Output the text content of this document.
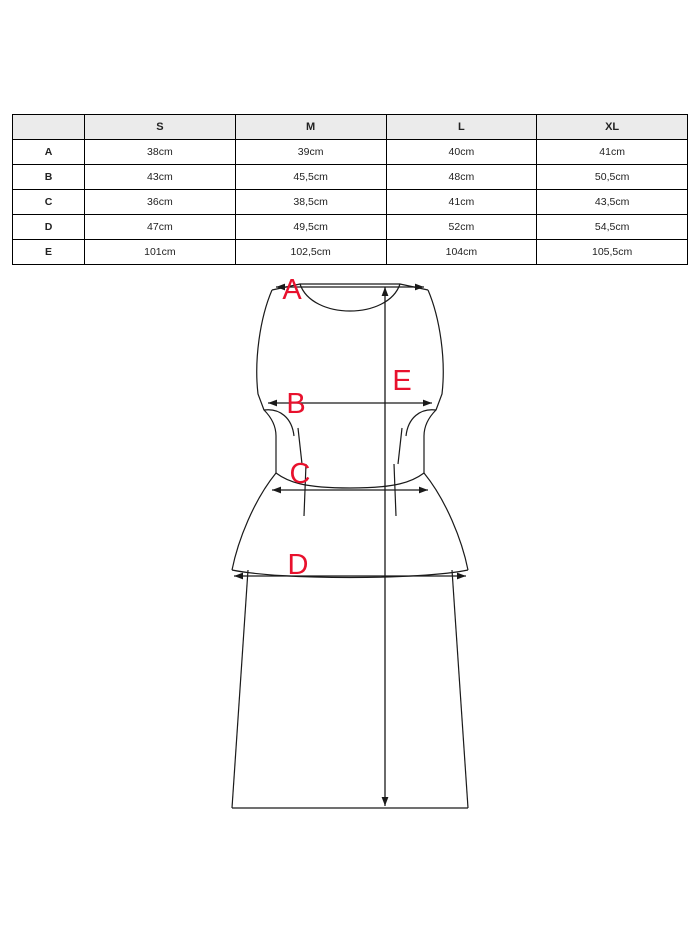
	S	M	L	XL
A	38cm	39cm	40cm	41cm
B	43cm	45,5cm	48cm	50,5cm
C	36cm	38,5cm	41cm	43,5cm
D	47cm	49,5cm	52cm	54,5cm
E	101cm	102,5cm	104cm	105,5cm
A
B
C
D
E
